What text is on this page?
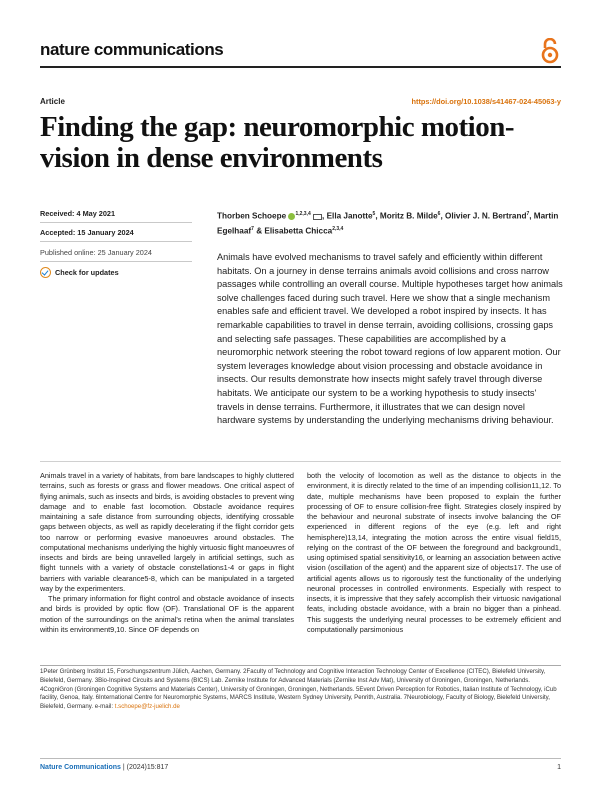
nature communications
Article	https://doi.org/10.1038/s41467-024-45063-y
Finding the gap: neuromorphic motion-vision in dense environments
Received: 4 May 2021
Accepted: 15 January 2024
Published online: 25 January 2024
Check for updates
Thorben Schoepe $^{1,2,3,4}$ , Ella Janotte$^5$, Moritz B. Milde$^6$, Olivier J. N. Bertrand$^7$, Martin Egelhaaf$^7$ & Elisabetta Chicca$^{2,3,4}$

Animals have evolved mechanisms to travel safely and efficiently within different habitats. On a journey in dense terrains animals avoid collisions and cross narrow passages while controlling an overall course. Multiple hypotheses target how animals solve challenges faced during such travel. Here we show that a single mechanism enables safe and efficient travel. We developed a robot inspired by insects. It has remarkable capabilities to travel in dense terrain, avoiding collisions, crossing gaps and selecting safe passages. These capabilities are accomplished by a neuromorphic network steering the robot toward regions of low apparent motion. Our system leverages knowledge about vision processing and obstacle avoidance in insects. Our results demonstrate how insects might safely travel through diverse habitats. We anticipate our system to be a working hypothesis to study insects' travels in dense terrains. Furthermore, it illustrates that we can design novel hardware systems by understanding the underlying mechanisms driving behaviour.

Animals travel in a variety of habitats, from bare landscapes to highly cluttered terrains, such as forests or grass and flower meadows. One critical aspect of flying animals, such as insects and birds, is avoiding obstacles to prevent wing damage and to enable fast locomotion. Obstacle avoidance requires maintaining a safe distance from surrounding objects, identifying crossable gaps between objects, as well as rapidly decelerating if the flight corridor gets too narrow or performing evasive manoeuvres around obstacles. The computational mechanisms underlying the highly virtuosic flight manoeuvres of insects and birds are being unravelled largely in artificial settings, such as flight tunnels with a variety of obstacle constellations1-4 or gaps in flight barriers with variable clearance5-8, which can be manipulated in a targeted way by the experimenters.

The primary information for flight control and obstacle avoidance of insects and birds is provided by optic flow (OF). Translational OF is the apparent motion of the surroundings on the animal's retina when the animal translates within its environment9,10. Since OF depends on

both the velocity of locomotion as well as the distance to objects in the environment, it is directly related to the time of an impending collision11,12. To date, multiple mechanisms have been proposed to explain the further processing of OF to ensure collision-free flight. Strategies closely inspired by the behaviour and neuronal substrate of insects involve balancing the OF experienced in different regions of the eye (e.g. left and right hemisphere)13,14, integrating the motion across the entire visual field15, relying on the contrast of the OF between the foreground and background1, using optimised spatial sensitivity16, or learning an association between active vision (oscillation of the agent) and the apparent size of objects17. The use of artificial agents allows us to rigorously test the functionality of the underlying neuronal processes in controlled environments. Especially with respect to insects, it is impressive that they safely accomplish their virtuosic navigational feats, including obstacle avoidance, with a brain no bigger than a pinhead. This suggests the underlying neural processes to be extremely efficient and computationally parsimonious

1Peter Grünberg Institut 15, Forschungszentrum Jülich, Aachen, Germany. 2Faculty of Technology and Cognitive Interaction Technology Center of Excellence (CITEC), Bielefeld University, Bielefeld, Germany. 3Bio-Inspired Circuits and Systems (BICS) Lab. Zernike Institute for Advanced Materials (Zernike Inst Adv Mat), University of Groningen, Groningen, Netherlands. 4CogniGron (Groningen Cognitive Systems and Materials Center), University of Groningen, Groningen, Netherlands. 5Event Driven Perception for Robotics, Italian Institute of Technology, iCub facility, Genoa, Italy. 6International Centre for Neuromorphic Systems, MARCS Institute, Western Sydney University, Penrith, Australia. 7Neurobiology, Faculty of Biology, Bielefeld University, Bielefeld, Germany. e-mail: t.schoepe@fz-juelich.de
Nature Communications | (2024)15:817	1
